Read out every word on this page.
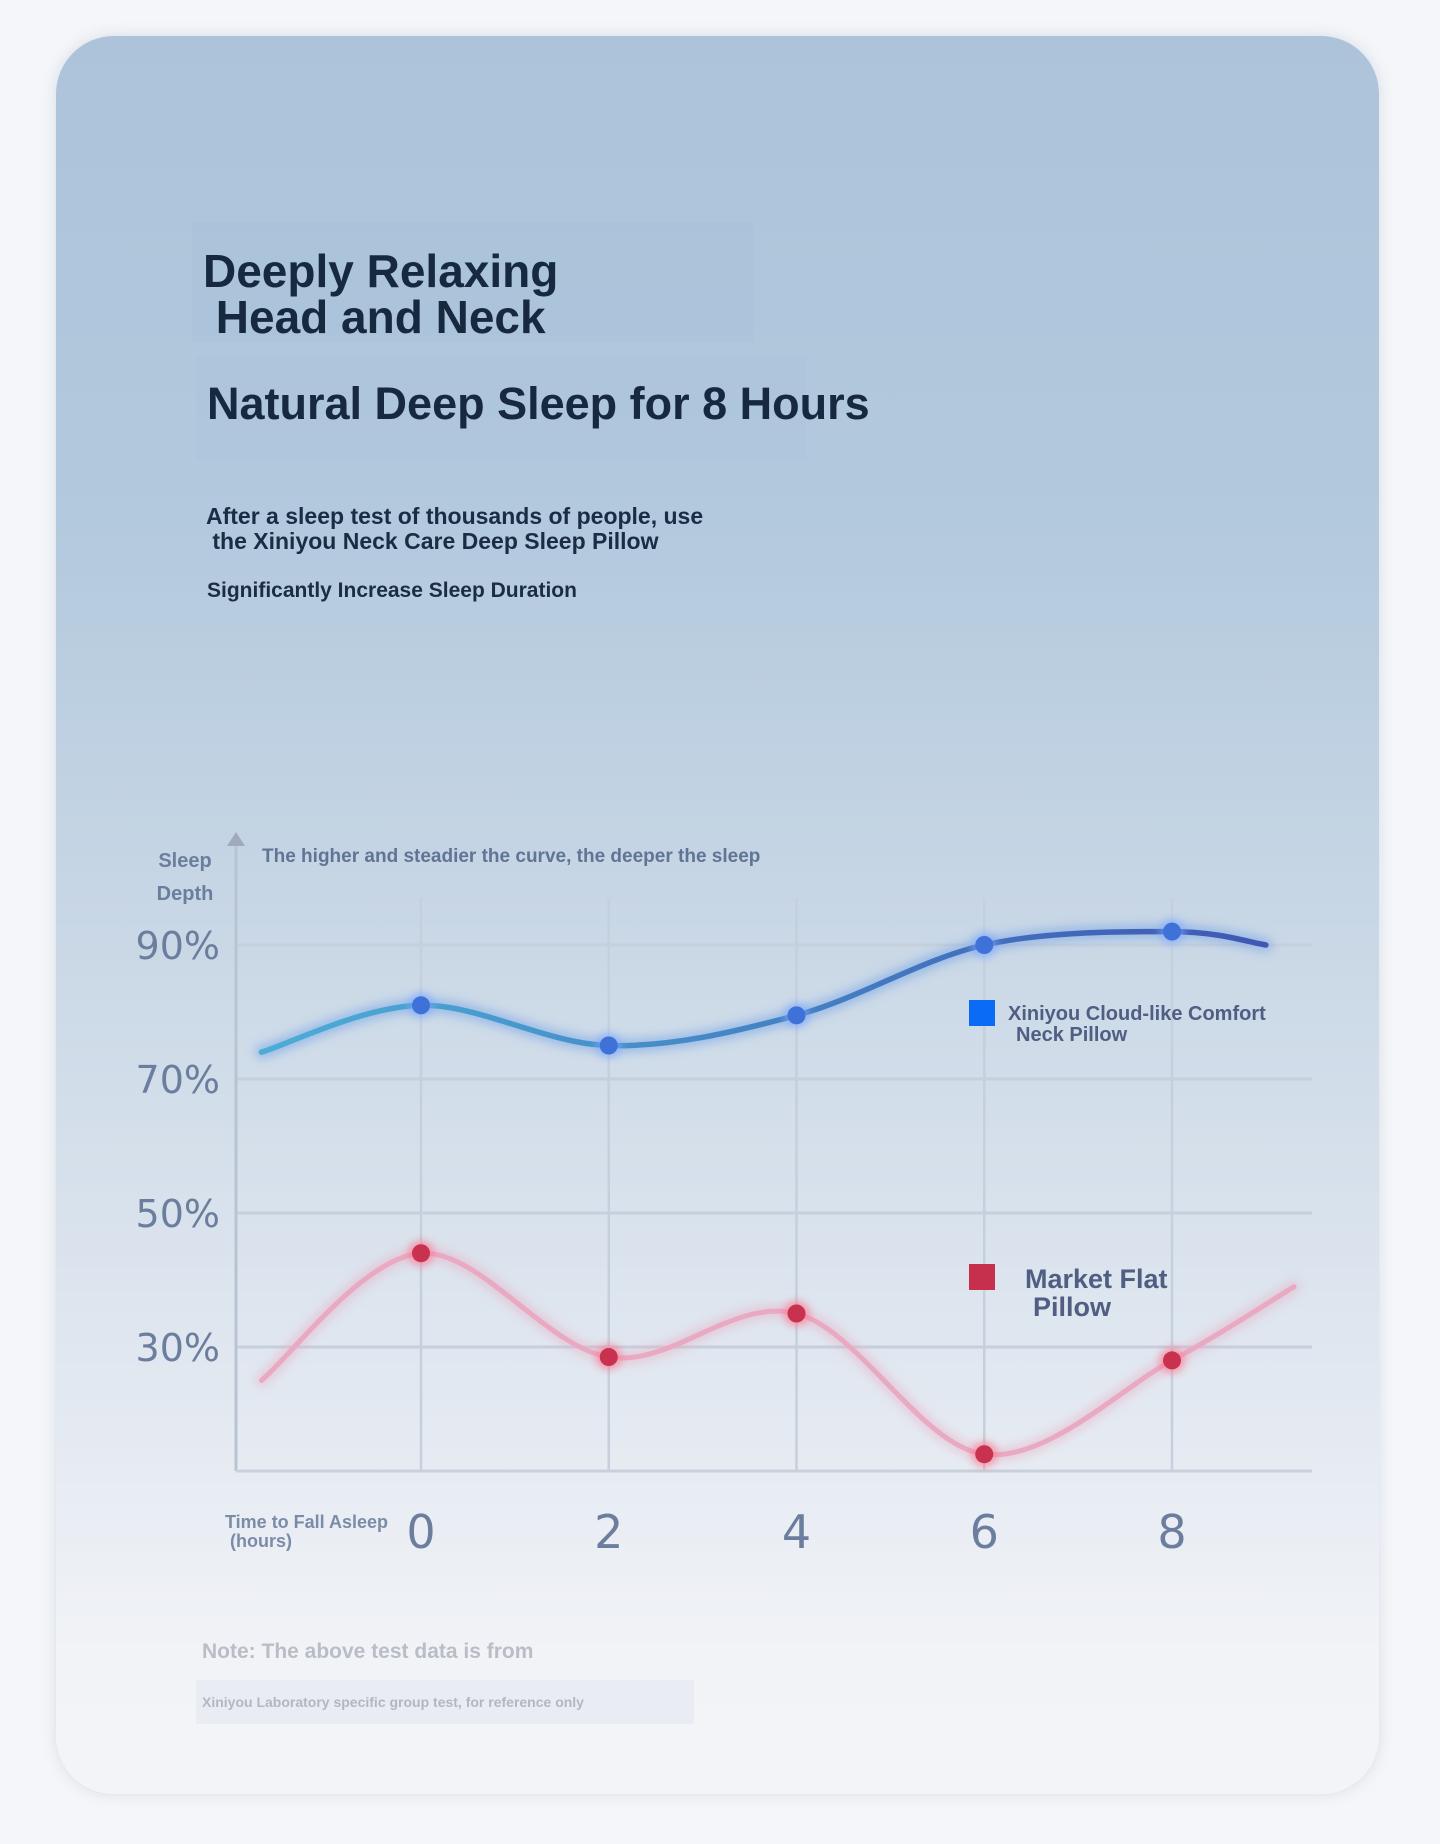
Deeply Relaxing
Head and Neck
Natural Deep Sleep for 8 Hours

After a sleep test of thousands of people, use
the Xiniyou Neck Care Deep Sleep Pillow

Significantly Increase Sleep Duration

30%
50%
70%
90%
0	2	4	6	8
Xiniyou Cloud-like Comfort Neck Pillow
Market Flat Pillow

Sleep
Depth

The higher and steadier the curve, the deeper the sleep

Time to Fall Asleep
(hours)

Note: The above test data is from

Xiniyou Laboratory specific group test, for reference only
